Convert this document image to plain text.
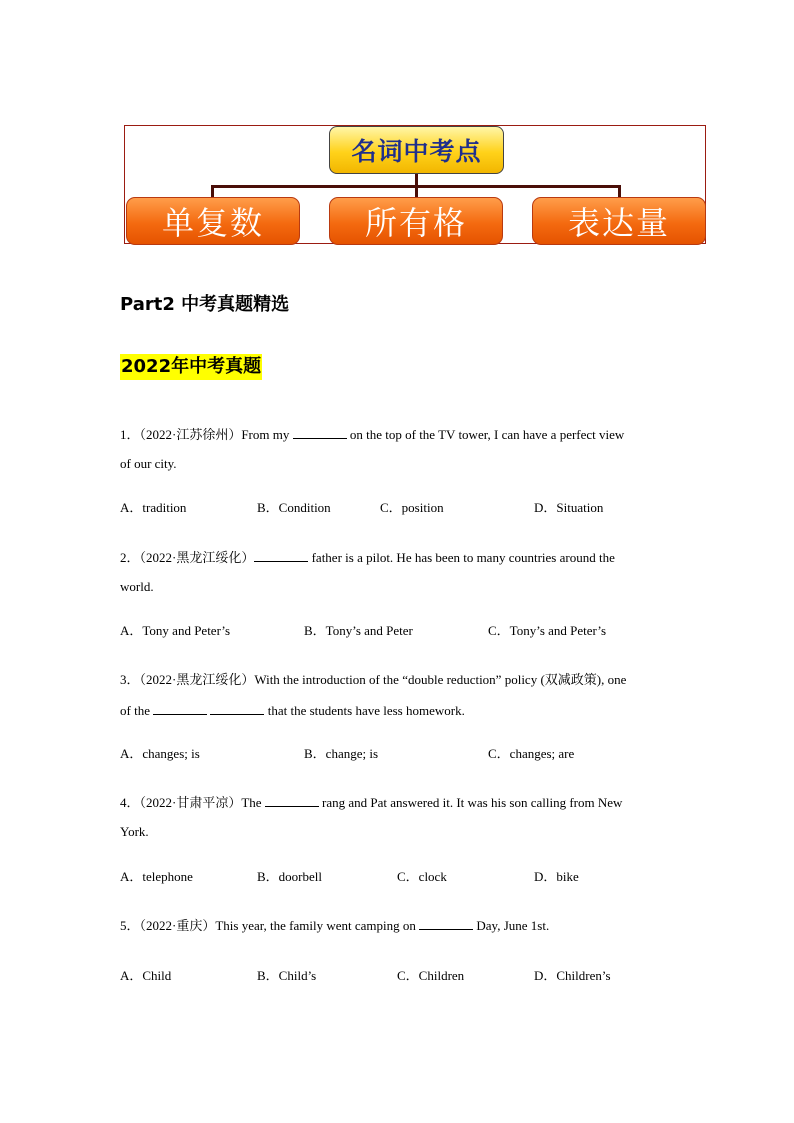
名词中考点
单复数	所有格	表达量
Part2 中考真题精选
2022年中考真题
1．（2022·江苏徐州）From my	on the top of the TV tower, I can have a perfect view
of our city.
A．tradition	B．Condition	C．position	D．Situation
2．（2022·黑龙江绥化）	father is a pilot. He has been to many countries around the
world.
A．Tony and Peter’s	B．Tony’s and Peter	C．Tony’s and Peter’s
3．（2022·黑龙江绥化）With the introduction of the “double reduction” policy (双减政策), one
of the	that the students have less homework.
A．changes; is	B．change; is	C．changes; are
4．（2022·甘肃平凉）The	rang and Pat answered it. It was his son calling from New
York.
A．telephone	B．doorbell	C．clock	D．bike
5．（2022·重庆）This year, the family went camping on	Day, June 1st.
A．Child	B．Child’s	C．Children	D．Children’s
